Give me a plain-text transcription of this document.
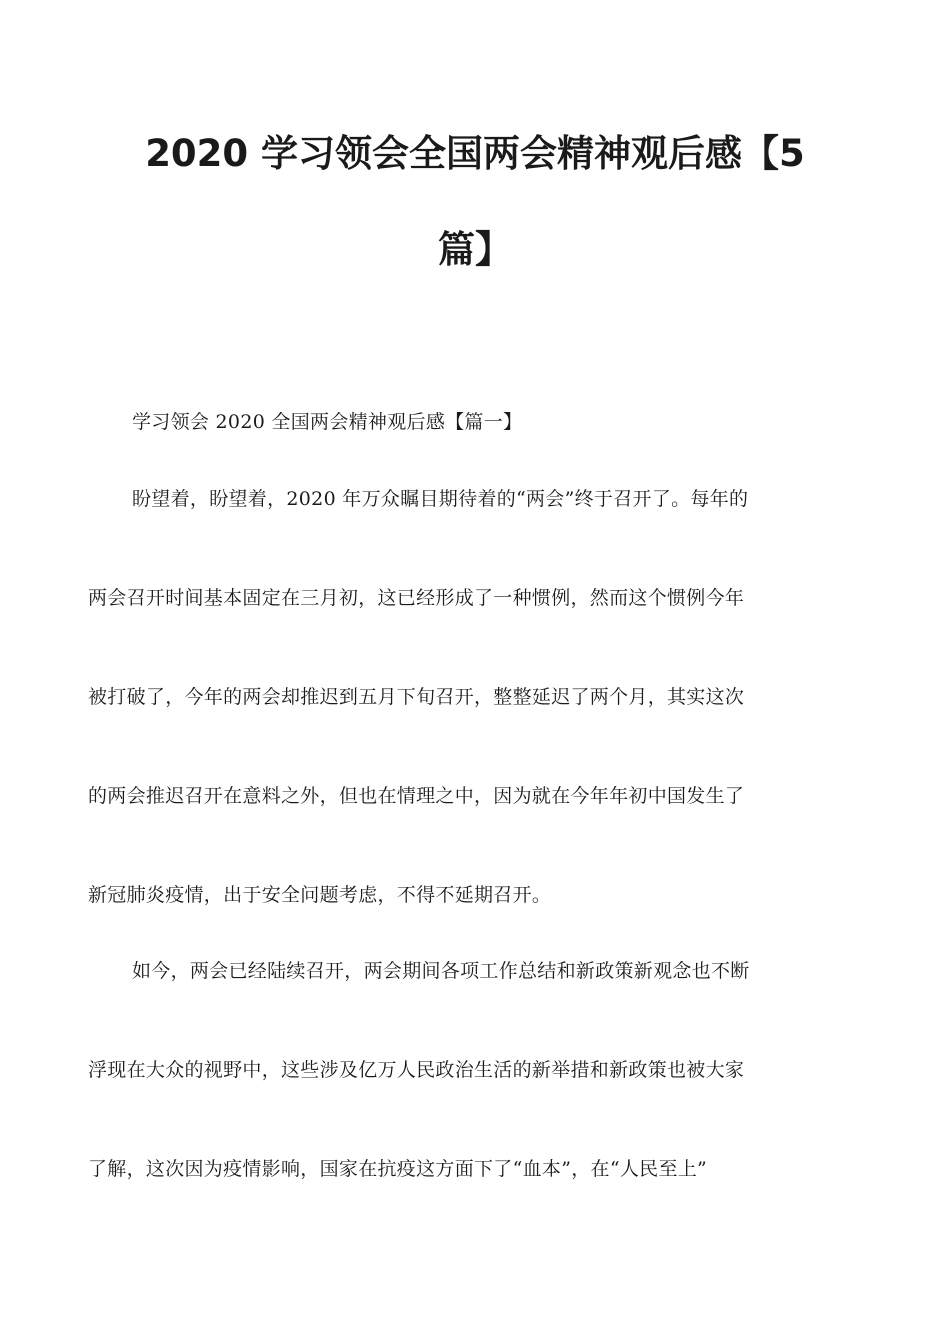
2020 学习领会全国两会精神观后感【5
篇】
学习领会 2020 全国两会精神观后感【篇一】
盼望着，盼望着，2020 年万众瞩目期待着的“两会”终于召开了。每年的
两会召开时间基本固定在三月初，这已经形成了一种惯例，然而这个惯例今年
被打破了，今年的两会却推迟到五月下旬召开，整整延迟了两个月，其实这次
的两会推迟召开在意料之外，但也在情理之中，因为就在今年年初中国发生了
新冠肺炎疫情，出于安全问题考虑，不得不延期召开。
如今，两会已经陆续召开，两会期间各项工作总结和新政策新观念也不断
浮现在大众的视野中，这些涉及亿万人民政治生活的新举措和新政策也被大家
了解，这次因为疫情影响，国家在抗疫这方面下了“血本”，在“人民至上”
